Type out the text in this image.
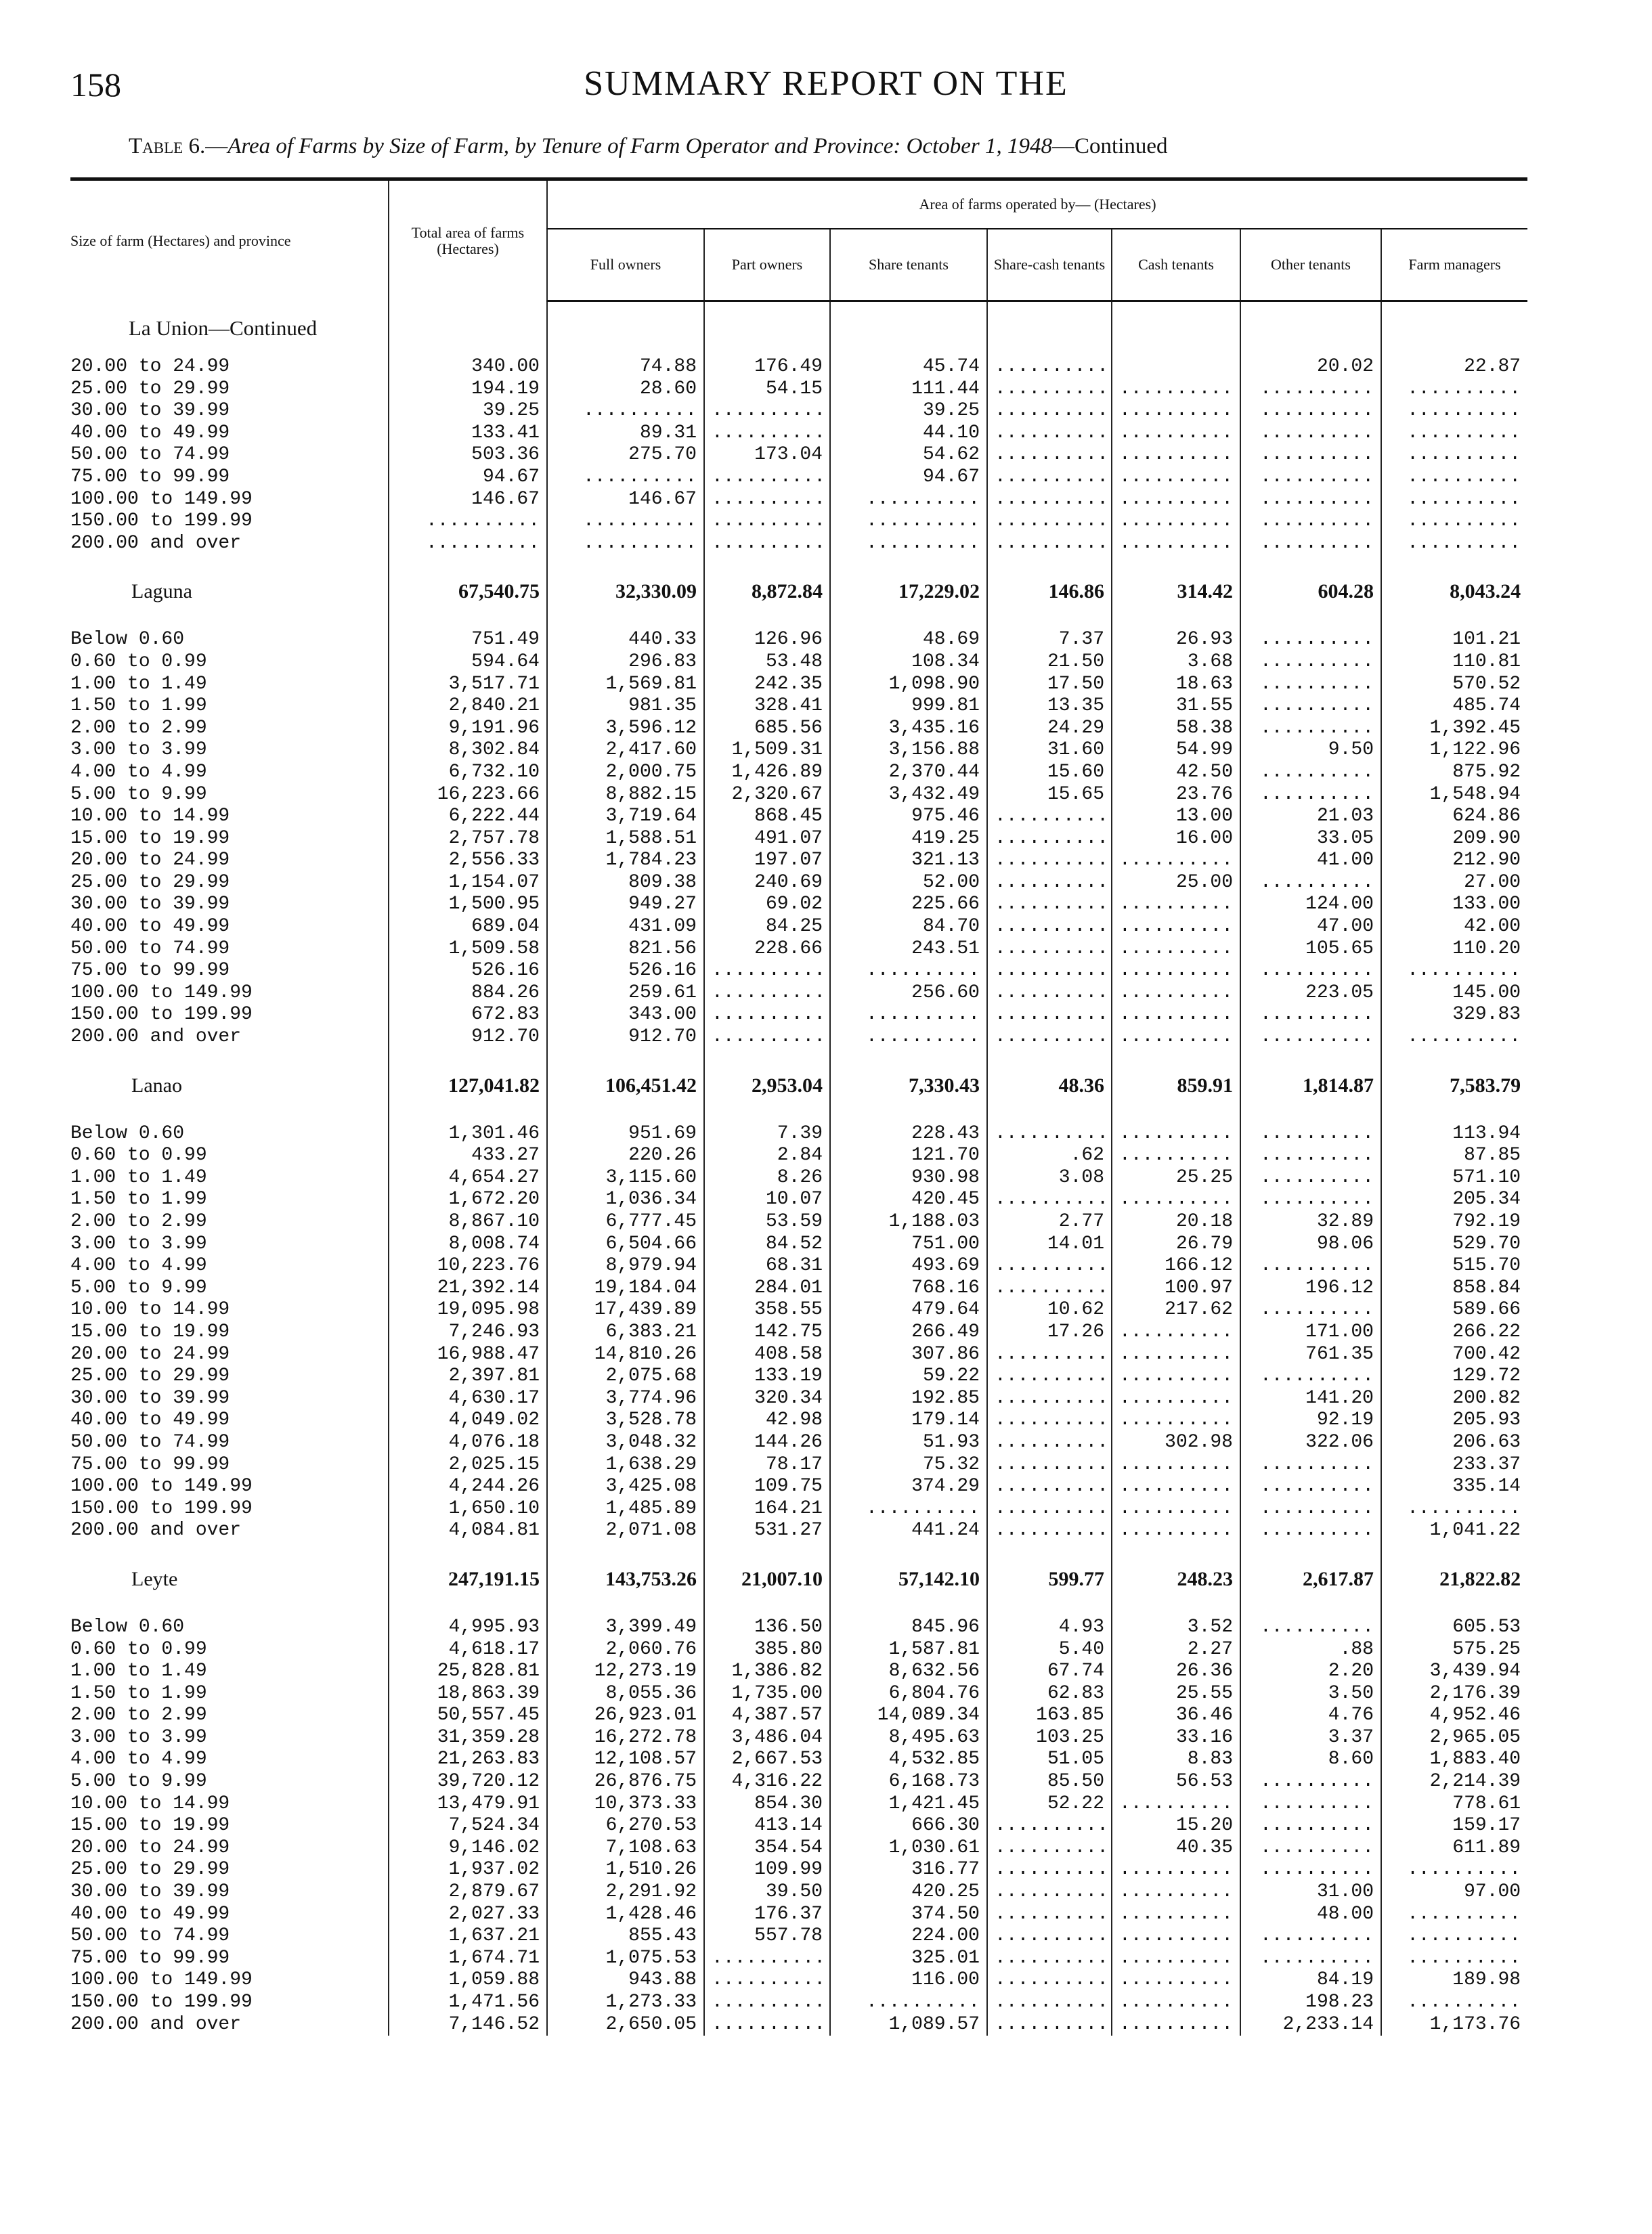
158	SUMMARY REPORT ON THE
Table 6.—Area of Farms by Size of Farm, by Tenure of Farm Operator and Province: October 1, 1948—Continued
Size of farm (Hectares) and province	Total area of farms (Hectares)	Area of farms operated by— (Hectares)						
		Full owners	Part owners	Share tenants	Share-cash tenants	Cash tenants	Other tenants	Farm managers
La Union—Continued								
20.00 to 24.99	340.00	74.88	176.49	45.74	..........		20.02	22.87
25.00 to 29.99	194.19	28.60	54.15	111.44	..........	..........	..........	..........
30.00 to 39.99	39.25	..........	..........	39.25	..........	..........	..........	..........
40.00 to 49.99	133.41	89.31	..........	44.10	..........	..........	..........	..........
50.00 to 74.99	503.36	275.70	173.04	54.62	..........	..........	..........	..........
75.00 to 99.99	94.67	..........	..........	94.67	..........	..........	..........	..........
100.00 to 149.99	146.67	146.67	..........	..........	..........	..........	..........	..........
150.00 to 199.99	..........	..........	..........	..........	..........	..........	..........	..........
200.00 and over	..........	..........	..........	..........	..........	..........	..........	..........

Laguna	67,540.75	32,330.09	8,872.84	17,229.02	146.86	314.42	604.28	8,043.24

Below 0.60	751.49	440.33	126.96	48.69	7.37	26.93	..........	101.21
0.60 to 0.99	594.64	296.83	53.48	108.34	21.50	3.68	..........	110.81
1.00 to 1.49	3,517.71	1,569.81	242.35	1,098.90	17.50	18.63	..........	570.52
1.50 to 1.99	2,840.21	981.35	328.41	999.81	13.35	31.55	..........	485.74
2.00 to 2.99	9,191.96	3,596.12	685.56	3,435.16	24.29	58.38	..........	1,392.45
3.00 to 3.99	8,302.84	2,417.60	1,509.31	3,156.88	31.60	54.99	9.50	1,122.96
4.00 to 4.99	6,732.10	2,000.75	1,426.89	2,370.44	15.60	42.50	..........	875.92
5.00 to 9.99	16,223.66	8,882.15	2,320.67	3,432.49	15.65	23.76	..........	1,548.94
10.00 to 14.99	6,222.44	3,719.64	868.45	975.46	..........	13.00	21.03	624.86
15.00 to 19.99	2,757.78	1,588.51	491.07	419.25	..........	16.00	33.05	209.90
20.00 to 24.99	2,556.33	1,784.23	197.07	321.13	..........	..........	41.00	212.90
25.00 to 29.99	1,154.07	809.38	240.69	52.00	..........	25.00	..........	27.00
30.00 to 39.99	1,500.95	949.27	69.02	225.66	..........	..........	124.00	133.00
40.00 to 49.99	689.04	431.09	84.25	84.70	..........	..........	47.00	42.00
50.00 to 74.99	1,509.58	821.56	228.66	243.51	..........	..........	105.65	110.20
75.00 to 99.99	526.16	526.16	..........	..........	..........	..........	..........	..........
100.00 to 149.99	884.26	259.61	..........	256.60	..........	..........	223.05	145.00
150.00 to 199.99	672.83	343.00	..........	..........	..........	..........	..........	329.83
200.00 and over	912.70	912.70	..........	..........	..........	..........	..........	..........

Lanao	127,041.82	106,451.42	2,953.04	7,330.43	48.36	859.91	1,814.87	7,583.79

Below 0.60	1,301.46	951.69	7.39	228.43	..........	..........	..........	113.94
0.60 to 0.99	433.27	220.26	2.84	121.70	.62	..........	..........	87.85
1.00 to 1.49	4,654.27	3,115.60	8.26	930.98	3.08	25.25	..........	571.10
1.50 to 1.99	1,672.20	1,036.34	10.07	420.45	..........	..........	..........	205.34
2.00 to 2.99	8,867.10	6,777.45	53.59	1,188.03	2.77	20.18	32.89	792.19
3.00 to 3.99	8,008.74	6,504.66	84.52	751.00	14.01	26.79	98.06	529.70
4.00 to 4.99	10,223.76	8,979.94	68.31	493.69	..........	166.12	..........	515.70
5.00 to 9.99	21,392.14	19,184.04	284.01	768.16	..........	100.97	196.12	858.84
10.00 to 14.99	19,095.98	17,439.89	358.55	479.64	10.62	217.62	..........	589.66
15.00 to 19.99	7,246.93	6,383.21	142.75	266.49	17.26	..........	171.00	266.22
20.00 to 24.99	16,988.47	14,810.26	408.58	307.86	..........	..........	761.35	700.42
25.00 to 29.99	2,397.81	2,075.68	133.19	59.22	..........	..........	..........	129.72
30.00 to 39.99	4,630.17	3,774.96	320.34	192.85	..........	..........	141.20	200.82
40.00 to 49.99	4,049.02	3,528.78	42.98	179.14	..........	..........	92.19	205.93
50.00 to 74.99	4,076.18	3,048.32	144.26	51.93	..........	302.98	322.06	206.63
75.00 to 99.99	2,025.15	1,638.29	78.17	75.32	..........	..........	..........	233.37
100.00 to 149.99	4,244.26	3,425.08	109.75	374.29	..........	..........	..........	335.14
150.00 to 199.99	1,650.10	1,485.89	164.21	..........	..........	..........	..........	..........
200.00 and over	4,084.81	2,071.08	531.27	441.24	..........	..........	..........	1,041.22

Leyte	247,191.15	143,753.26	21,007.10	57,142.10	599.77	248.23	2,617.87	21,822.82

Below 0.60	4,995.93	3,399.49	136.50	845.96	4.93	3.52	..........	605.53
0.60 to 0.99	4,618.17	2,060.76	385.80	1,587.81	5.40	2.27	.88	575.25
1.00 to 1.49	25,828.81	12,273.19	1,386.82	8,632.56	67.74	26.36	2.20	3,439.94
1.50 to 1.99	18,863.39	8,055.36	1,735.00	6,804.76	62.83	25.55	3.50	2,176.39
2.00 to 2.99	50,557.45	26,923.01	4,387.57	14,089.34	163.85	36.46	4.76	4,952.46
3.00 to 3.99	31,359.28	16,272.78	3,486.04	8,495.63	103.25	33.16	3.37	2,965.05
4.00 to 4.99	21,263.83	12,108.57	2,667.53	4,532.85	51.05	8.83	8.60	1,883.40
5.00 to 9.99	39,720.12	26,876.75	4,316.22	6,168.73	85.50	56.53	..........	2,214.39
10.00 to 14.99	13,479.91	10,373.33	854.30	1,421.45	52.22	..........	..........	778.61
15.00 to 19.99	7,524.34	6,270.53	413.14	666.30	..........	15.20	..........	159.17
20.00 to 24.99	9,146.02	7,108.63	354.54	1,030.61	..........	40.35	..........	611.89
25.00 to 29.99	1,937.02	1,510.26	109.99	316.77	..........	..........	..........	..........
30.00 to 39.99	2,879.67	2,291.92	39.50	420.25	..........	..........	31.00	97.00
40.00 to 49.99	2,027.33	1,428.46	176.37	374.50	..........	..........	48.00	..........
50.00 to 74.99	1,637.21	855.43	557.78	224.00	..........	..........	..........	..........
75.00 to 99.99	1,674.71	1,075.53	..........	325.01	..........	..........	..........	..........
100.00 to 149.99	1,059.88	943.88	..........	116.00	..........	..........	84.19	189.98
150.00 to 199.99	1,471.56	1,273.33	..........	..........	..........	..........	198.23	..........
200.00 and over	7,146.52	2,650.05	..........	1,089.57	..........	..........	2,233.14	1,173.76
